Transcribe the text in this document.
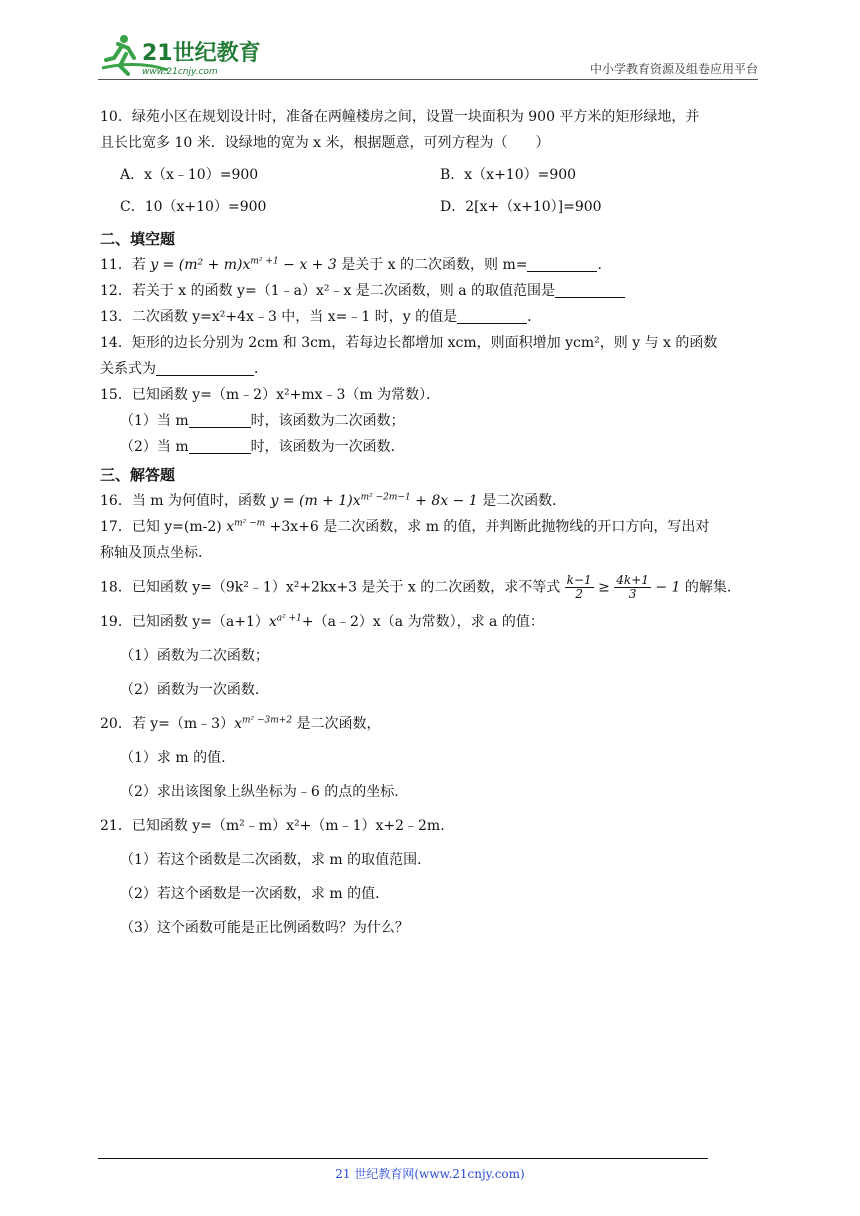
21世纪教育
www.21cnjy.com	中小学教育资源及组卷应用平台

10．绿苑小区在规划设计时，准备在两幢楼房之间，设置一块面积为 900 平方米的矩形绿地，并

且长比宽多 10 米．设绿地的宽为 x 米，根据题意，可列方程为（　　）

A．x（x﹣10）=900	B．x（x+10）=900
C．10（x+10）=900	D．2[x+（x+10）]=900

二、填空题

11．若 $y = (m^2 + m)x^{m^2 +1} - x + 3$ 是关于 x 的二次函数，则 m=	．

12．若关于 x 的函数 y=（1﹣a）x²﹣x 是二次函数，则 a 的取值范围是

13．二次函数 y=x²+4x﹣3 中，当 x=﹣1 时，y 的值是	．

14．矩形的边长分别为 2cm 和 3cm，若每边长都增加 xcm，则面积增加 ycm²，则 y 与 x 的函数

关系式为	．

15．已知函数 y=（m﹣2）x²+mx﹣3（m 为常数）．

（1）当 m	时，该函数为二次函数；

（2）当 m	时，该函数为一次函数．

三、解答题

16．当 m 为何值时，函数 $y = (m + 1)x^{m^2 -2m-1} + 8x - 1$ 是二次函数．

17．已知 y=(m-2) $x^{m^2 -m} +3x+6$ 是二次函数，求 m 的值，并判断此抛物线的开口方向，写出对

称轴及顶点坐标.

18．已知函数 y=（9k²﹣1）x²+2kx+3 是关于 x 的二次函数，求不等式 $\frac{k-1}{2} \ge \frac{4k+1}{3} - 1$ 的解集.

19．已知函数 $y=(a+1)x^{a^2 +1}+(a﹣2)x(a$ 为常数），求 a 的值：

（1）函数为二次函数；

（2）函数为一次函数．

20．若 $y=(m﹣3)x^{m^2 -3m+2}$ 是二次函数，

（1）求 m 的值.

（2）求出该图象上纵坐标为﹣6 的点的坐标.

21．已知函数 y=（m²﹣m）x²+（m﹣1）x+2﹣2m．

（1）若这个函数是二次函数，求 m 的取值范围．

（2）若这个函数是一次函数，求 m 的值．

（3）这个函数可能是正比例函数吗？为什么？

21 世纪教育网(www.21cnjy.com)
